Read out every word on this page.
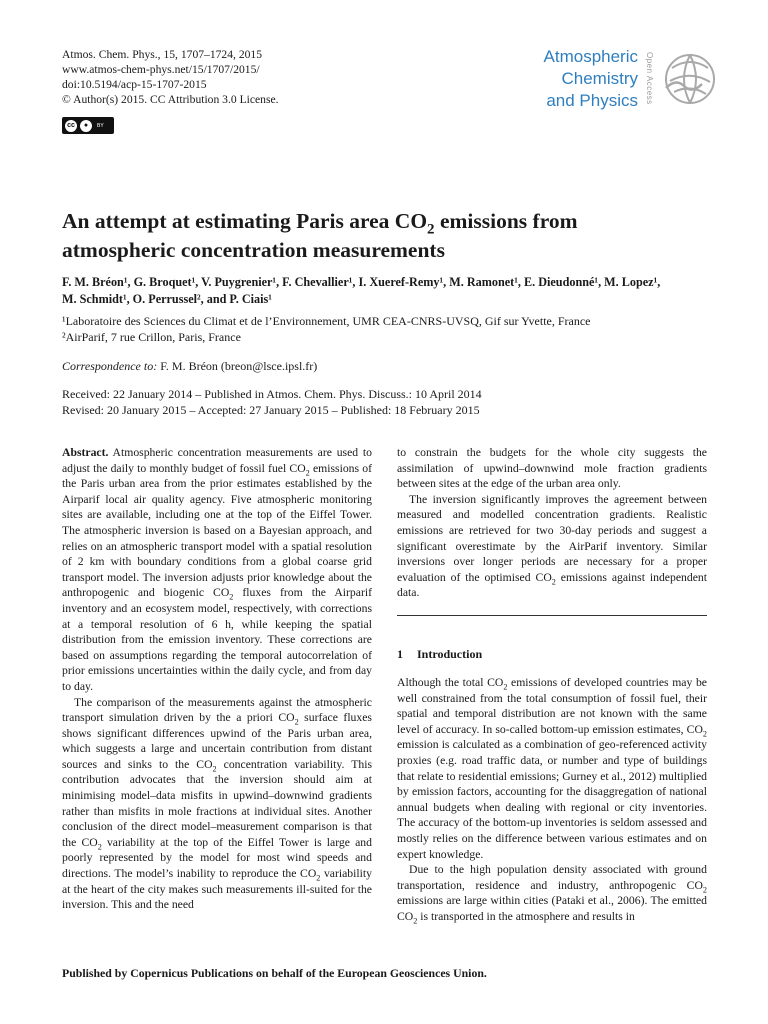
Atmos. Chem. Phys., 15, 1707–1724, 2015
www.atmos-chem-phys.net/15/1707/2015/
doi:10.5194/acp-15-1707-2015
© Author(s) 2015. CC Attribution 3.0 License.
cc	●	BY
Atmospheric
Chemistry
and Physics Open Access
An attempt at estimating Paris area $CO_2$ emissions from
atmospheric concentration measurements
F. M. Bréon¹, G. Broquet¹, V. Puygrenier¹, F. Chevallier¹, I. Xueref-Remy¹, M. Ramonet¹, E. Dieudonné¹, M. Lopez¹,
M. Schmidt¹, O. Perrussel², and P. Ciais¹
¹Laboratoire des Sciences du Climat et de l’Environnement, UMR CEA-CNRS-UVSQ, Gif sur Yvette, France
²AirParif, 7 rue Crillon, Paris, France
Correspondence to: F. M. Bréon (breon@lsce.ipsl.fr)
Received: 22 January 2014 – Published in Atmos. Chem. Phys. Discuss.: 10 April 2014
Revised: 20 January 2015 – Accepted: 27 January 2015 – Published: 18 February 2015

Abstract. Atmospheric concentration measurements are used to adjust the daily to monthly budget of fossil fuel $CO_2$ emissions of the Paris urban area from the prior estimates established by the Airparif local air quality agency. Five atmospheric monitoring sites are available, including one at the top of the Eiffel Tower. The atmospheric inversion is based on a Bayesian approach, and relies on an atmospheric transport model with a spatial resolution of 2 km with boundary conditions from a global coarse grid transport model. The inversion adjusts prior knowledge about the anthropogenic and biogenic $CO_2$ fluxes from the Airparif inventory and an ecosystem model, respectively, with corrections at a temporal resolution of 6 h, while keeping the spatial distribution from the emission inventory. These corrections are based on assumptions regarding the temporal autocorrelation of prior emissions uncertainties within the daily cycle, and from day to day.

The comparison of the measurements against the atmospheric transport simulation driven by the a priori $CO_2$ surface fluxes shows significant differences upwind of the Paris urban area, which suggests a large and uncertain contribution from distant sources and sinks to the $CO_2$ concentration variability. This contribution advocates that the inversion should aim at minimising model–data misfits in upwind–downwind gradients rather than misfits in mole fractions at individual sites. Another conclusion of the direct model–measurement comparison is that the $CO_2$ variability at the top of the Eiffel Tower is large and poorly represented by the model for most wind speeds and directions. The model’s inability to reproduce the $CO_2$ variability at the heart of the city makes such measurements ill-suited for the inversion. This and the need

to constrain the budgets for the whole city suggests the assimilation of upwind–downwind mole fraction gradients between sites at the edge of the urban area only.

The inversion significantly improves the agreement between measured and modelled concentration gradients. Realistic emissions are retrieved for two 30-day periods and suggest a significant overestimate by the AirParif inventory. Similar inversions over longer periods are necessary for a proper evaluation of the optimised $CO_2$ emissions against independent data.

1 Introduction

Although the total $CO_2$ emissions of developed countries may be well constrained from the total consumption of fossil fuel, their spatial and temporal distribution are not known with the same level of accuracy. In so-called bottom-up emission estimates, $CO_2$ emission is calculated as a combination of geo-referenced activity proxies (e.g. road traffic data, or number and type of buildings that relate to residential emissions; Gurney et al., 2012) multiplied by emission factors, accounting for the disaggregation of national annual budgets when dealing with regional or city inventories. The accuracy of the bottom-up inventories is seldom assessed and mostly relies on the difference between various estimates and on expert knowledge.

Due to the high population density associated with ground transportation, residence and industry, anthropogenic $CO_2$ emissions are large within cities (Pataki et al., 2006). The emitted $CO_2$ is transported in the atmosphere and results in

Published by Copernicus Publications on behalf of the European Geosciences Union.
